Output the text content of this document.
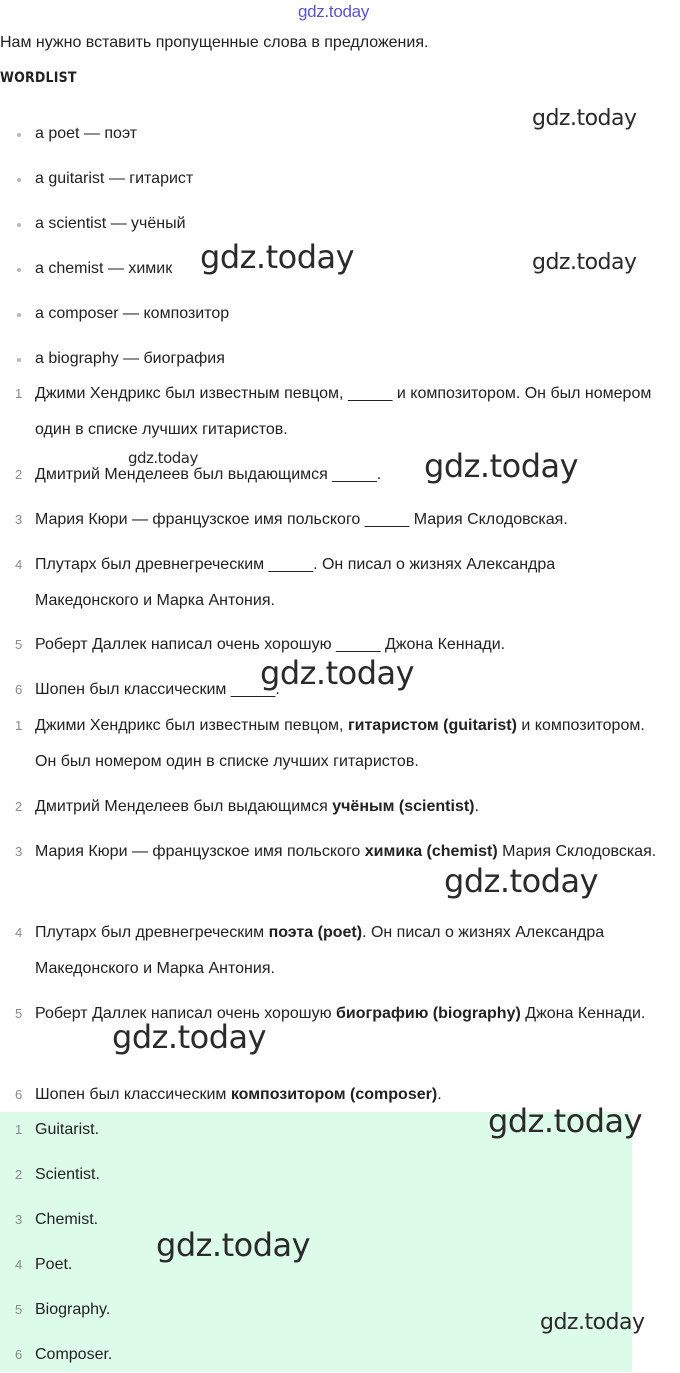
gdz.today
Нам нужно вставить пропущенные слова в предложения.
WORDLIST
a poet — поэт
a guitarist — гитарист
a scientist — учёный
a chemist — химик
a composer — композитор
a biography — биография
1 Джими Хендрикс был известным певцом, _____ и композитором. Он был номером один в списке лучших гитаристов.
2 Дмитрий Менделеев был выдающимся _____.
3 Мария Кюри — французское имя польского _____ Мария Склодовская.
4 Плутарх был древнегреческим _____. Он писал о жизнях Александра Македонского и Марка Антония.
5 Роберт Даллек написал очень хорошую _____ Джона Кеннади.
6 Шопен был классическим _____.
1 Джими Хендрикс был известным певцом, гитаристом (guitarist) и композитором. Он был номером один в списке лучших гитаристов.
2 Дмитрий Менделеев был выдающимся учёным (scientist).
3 Мария Кюри — французское имя польского химика (chemist) Мария Склодовская.
4 Плутарх был древнегреческим поэта (poet). Он писал о жизнях Александра Македонского и Марка Антония.
5 Роберт Даллек написал очень хорошую биографию (biography) Джона Кеннади.
6 Шопен был классическим композитором (composer).
1 Guitarist.
2 Scientist.
3 Chemist.
4 Poet.
5 Biography.
6 Composer.
gdz.today
gdz.today	gdz.today
gdz.today	gdz.today
gdz.today
gdz.today
gdz.today
gdz.today
gdz.today
gdz.today
